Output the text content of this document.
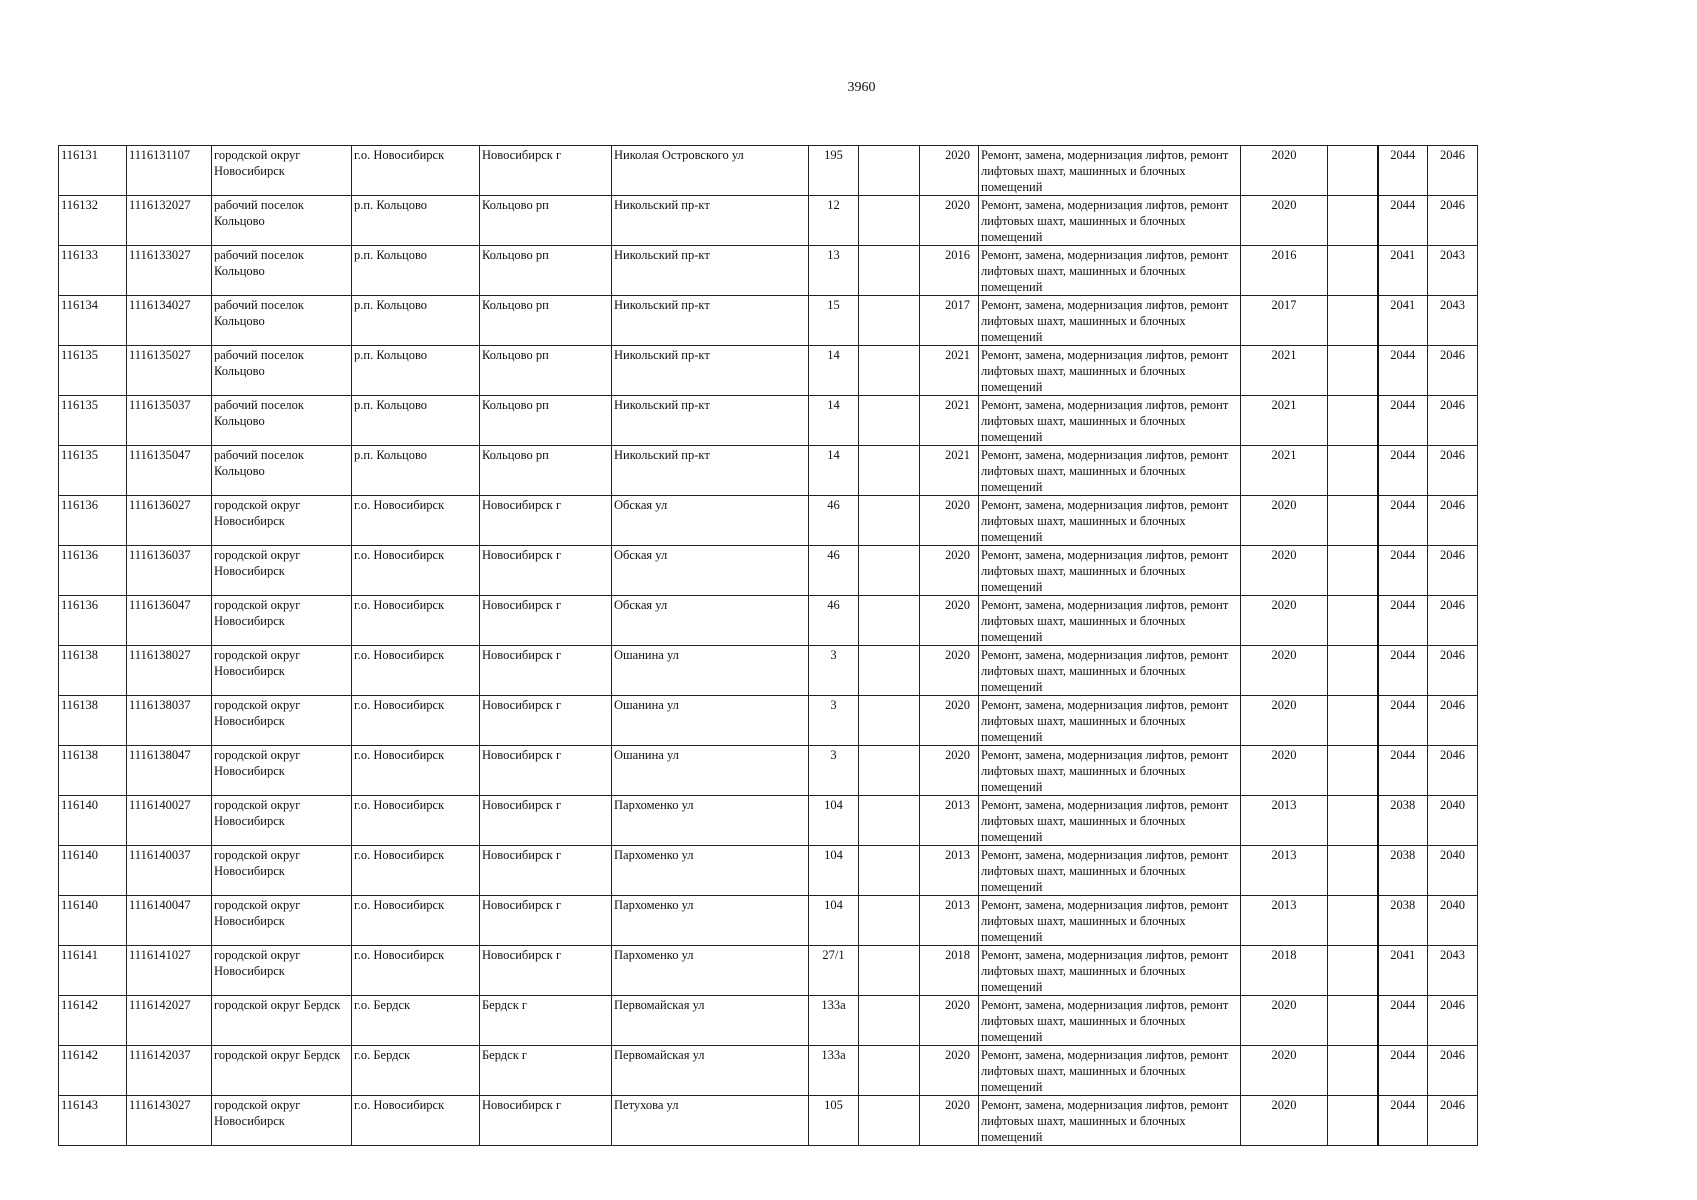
3960
116131	1116131107	городской округ Новосибирск	г.о. Новосибирск	Новосибирск г	Николая Островского ул	195		2020	Ремонт, замена, модернизация лифтов, ремонт лифтовых шахт, машинных и блочных помещений	2020		2044	2046
116132	1116132027	рабочий поселок Кольцово	р.п. Кольцово	Кольцово рп	Никольский пр-кт	12		2020	Ремонт, замена, модернизация лифтов, ремонт лифтовых шахт, машинных и блочных помещений	2020		2044	2046
116133	1116133027	рабочий поселок Кольцово	р.п. Кольцово	Кольцово рп	Никольский пр-кт	13		2016	Ремонт, замена, модернизация лифтов, ремонт лифтовых шахт, машинных и блочных помещений	2016		2041	2043
116134	1116134027	рабочий поселок Кольцово	р.п. Кольцово	Кольцово рп	Никольский пр-кт	15		2017	Ремонт, замена, модернизация лифтов, ремонт лифтовых шахт, машинных и блочных помещений	2017		2041	2043
116135	1116135027	рабочий поселок Кольцово	р.п. Кольцово	Кольцово рп	Никольский пр-кт	14		2021	Ремонт, замена, модернизация лифтов, ремонт лифтовых шахт, машинных и блочных помещений	2021		2044	2046
116135	1116135037	рабочий поселок Кольцово	р.п. Кольцово	Кольцово рп	Никольский пр-кт	14		2021	Ремонт, замена, модернизация лифтов, ремонт лифтовых шахт, машинных и блочных помещений	2021		2044	2046
116135	1116135047	рабочий поселок Кольцово	р.п. Кольцово	Кольцово рп	Никольский пр-кт	14		2021	Ремонт, замена, модернизация лифтов, ремонт лифтовых шахт, машинных и блочных помещений	2021		2044	2046
116136	1116136027	городской округ Новосибирск	г.о. Новосибирск	Новосибирск г	Обская ул	46		2020	Ремонт, замена, модернизация лифтов, ремонт лифтовых шахт, машинных и блочных помещений	2020		2044	2046
116136	1116136037	городской округ Новосибирск	г.о. Новосибирск	Новосибирск г	Обская ул	46		2020	Ремонт, замена, модернизация лифтов, ремонт лифтовых шахт, машинных и блочных помещений	2020		2044	2046
116136	1116136047	городской округ Новосибирск	г.о. Новосибирск	Новосибирск г	Обская ул	46		2020	Ремонт, замена, модернизация лифтов, ремонт лифтовых шахт, машинных и блочных помещений	2020		2044	2046
116138	1116138027	городской округ Новосибирск	г.о. Новосибирск	Новосибирск г	Ошанина ул	3		2020	Ремонт, замена, модернизация лифтов, ремонт лифтовых шахт, машинных и блочных помещений	2020		2044	2046
116138	1116138037	городской округ Новосибирск	г.о. Новосибирск	Новосибирск г	Ошанина ул	3		2020	Ремонт, замена, модернизация лифтов, ремонт лифтовых шахт, машинных и блочных помещений	2020		2044	2046
116138	1116138047	городской округ Новосибирск	г.о. Новосибирск	Новосибирск г	Ошанина ул	3		2020	Ремонт, замена, модернизация лифтов, ремонт лифтовых шахт, машинных и блочных помещений	2020		2044	2046
116140	1116140027	городской округ Новосибирск	г.о. Новосибирск	Новосибирск г	Пархоменко ул	104		2013	Ремонт, замена, модернизация лифтов, ремонт лифтовых шахт, машинных и блочных помещений	2013		2038	2040
116140	1116140037	городской округ Новосибирск	г.о. Новосибирск	Новосибирск г	Пархоменко ул	104		2013	Ремонт, замена, модернизация лифтов, ремонт лифтовых шахт, машинных и блочных помещений	2013		2038	2040
116140	1116140047	городской округ Новосибирск	г.о. Новосибирск	Новосибирск г	Пархоменко ул	104		2013	Ремонт, замена, модернизация лифтов, ремонт лифтовых шахт, машинных и блочных помещений	2013		2038	2040
116141	1116141027	городской округ Новосибирск	г.о. Новосибирск	Новосибирск г	Пархоменко ул	27/1		2018	Ремонт, замена, модернизация лифтов, ремонт лифтовых шахт, машинных и блочных помещений	2018		2041	2043
116142	1116142027	городской округ Бердск	г.о. Бердск	Бердск г	Первомайская ул	133а		2020	Ремонт, замена, модернизация лифтов, ремонт лифтовых шахт, машинных и блочных помещений	2020		2044	2046
116142	1116142037	городской округ Бердск	г.о. Бердск	Бердск г	Первомайская ул	133а		2020	Ремонт, замена, модернизация лифтов, ремонт лифтовых шахт, машинных и блочных помещений	2020		2044	2046
116143	1116143027	городской округ Новосибирск	г.о. Новосибирск	Новосибирск г	Петухова ул	105		2020	Ремонт, замена, модернизация лифтов, ремонт лифтовых шахт, машинных и блочных помещений	2020		2044	2046
